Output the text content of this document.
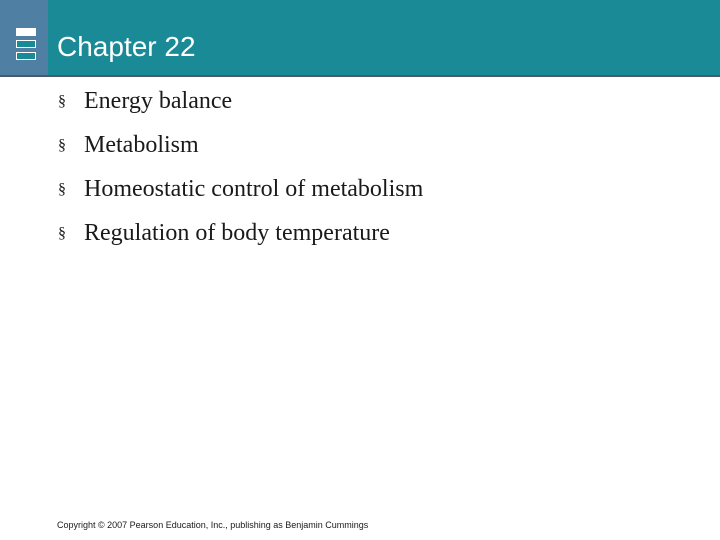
Chapter 22
§ Energy balance
§ Metabolism
§ Homeostatic control of metabolism
§ Regulation of body temperature
Copyright © 2007 Pearson Education, Inc., publishing as Benjamin Cummings
